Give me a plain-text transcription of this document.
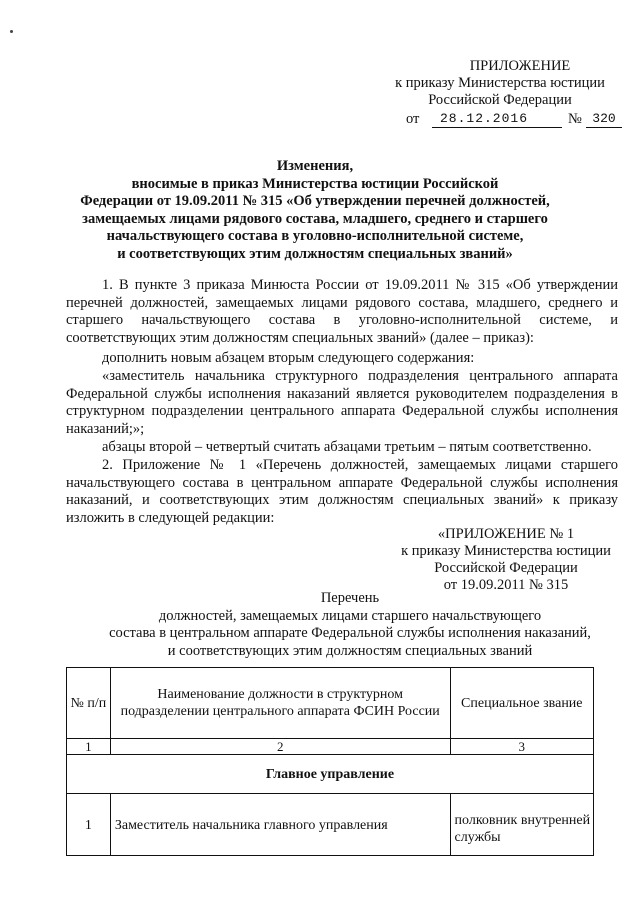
ПРИЛОЖЕНИЕ
к приказу Министерства юстиции
Российской Федерации
от	28.12.2016	№ 320
Изменения,
вносимые в приказ Министерства юстиции Российской
Федерации от 19.09.2011 № 315 «Об утверждении перечней должностей,
замещаемых лицами рядового состава, младшего, среднего и старшего
начальствующего состава в уголовно-исполнительной системе,
и соответствующих этим должностям специальных званий»
1. В пункте 3 приказа Минюста России от 19.09.2011 № 315 «Об утверждении перечней должностей, замещаемых лицами рядового состава, младшего, среднего и старшего начальствующего состава в уголовно-исполнительной системе, и соответствующих этим должностям специальных званий» (далее – приказ):
дополнить новым абзацем вторым следующего содержания:
«заместитель начальника структурного подразделения центрального аппарата Федеральной службы исполнения наказаний является руководителем подразделения в структурном подразделении центрального аппарата Федеральной службы исполнения наказаний;»;
абзацы второй – четвертый считать абзацами третьим – пятым соответственно.
2. Приложение № 1 «Перечень должностей, замещаемых лицами старшего начальствующего состава в центральном аппарате Федеральной службы исполнения наказаний, и соответствующих этим должностям специальных званий» к приказу изложить в следующей редакции:
«ПРИЛОЖЕНИЕ № 1
к приказу Министерства юстиции
Российской Федерации
от 19.09.2011 № 315
Перечень
должностей, замещаемых лицами старшего начальствующего
состава в центральном аппарате Федеральной службы исполнения наказаний,
и соответствующих этим должностям специальных званий
№ п/п	Наименование должности в структурном подразделении центрального аппарата ФСИН России	Специальное звание
1	2	3
Главное управление		
1	Заместитель начальника главного управления	полковник внутренней службы
